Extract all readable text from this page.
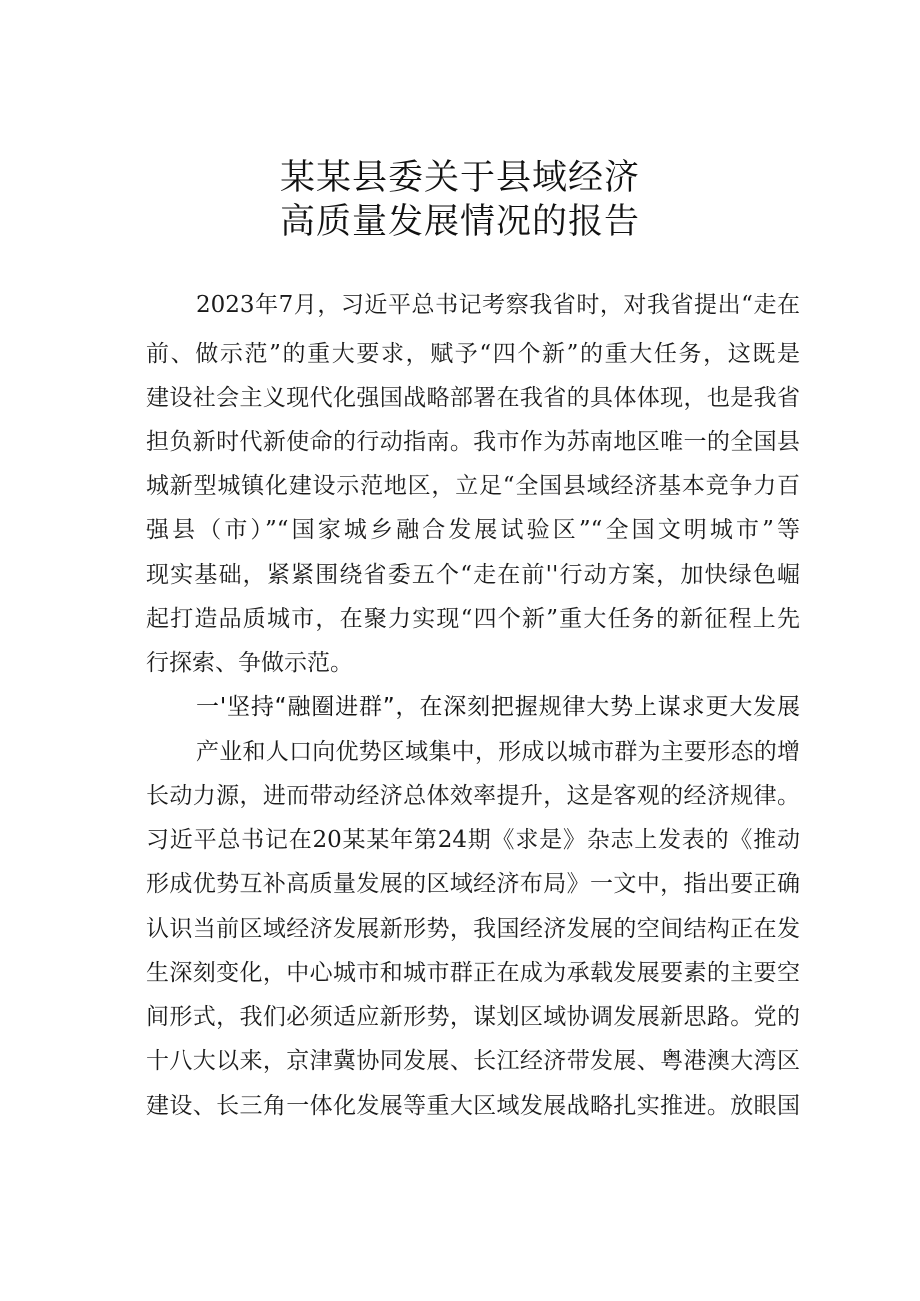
某某县委关于县域经济
高质量发展情况的报告
2023年7月，习近平总书记考察我省时，对我省提出“走在
前、做示范”的重大要求，赋予“四个新”的重大任务，这既是
建设社会主义现代化强国战略部署在我省的具体体现，也是我省
担负新时代新使命的行动指南。我市作为苏南地区唯一的全国县
城新型城镇化建设示范地区，立足“全国县域经济基本竞争力百
强县（市）”“国家城乡融合发展试验区”“全国文明城市”等
现实基础，紧紧围绕省委五个“走在前''行动方案，加快绿色崛
起打造品质城市，在聚力实现“四个新”重大任务的新征程上先
行探索、争做示范。
一'坚持“融圈进群”，在深刻把握规律大势上谋求更大发展
产业和人口向优势区域集中，形成以城市群为主要形态的增
长动力源，进而带动经济总体效率提升，这是客观的经济规律。
习近平总书记在20某某年第24期《求是》杂志上发表的《推动
形成优势互补高质量发展的区域经济布局》一文中，指出要正确
认识当前区域经济发展新形势，我国经济发展的空间结构正在发
生深刻变化，中心城市和城市群正在成为承载发展要素的主要空
间形式，我们必须适应新形势，谋划区域协调发展新思路。党的
十八大以来，京津冀协同发展、长江经济带发展、粤港澳大湾区
建设、长三角一体化发展等重大区域发展战略扎实推进。放眼国
